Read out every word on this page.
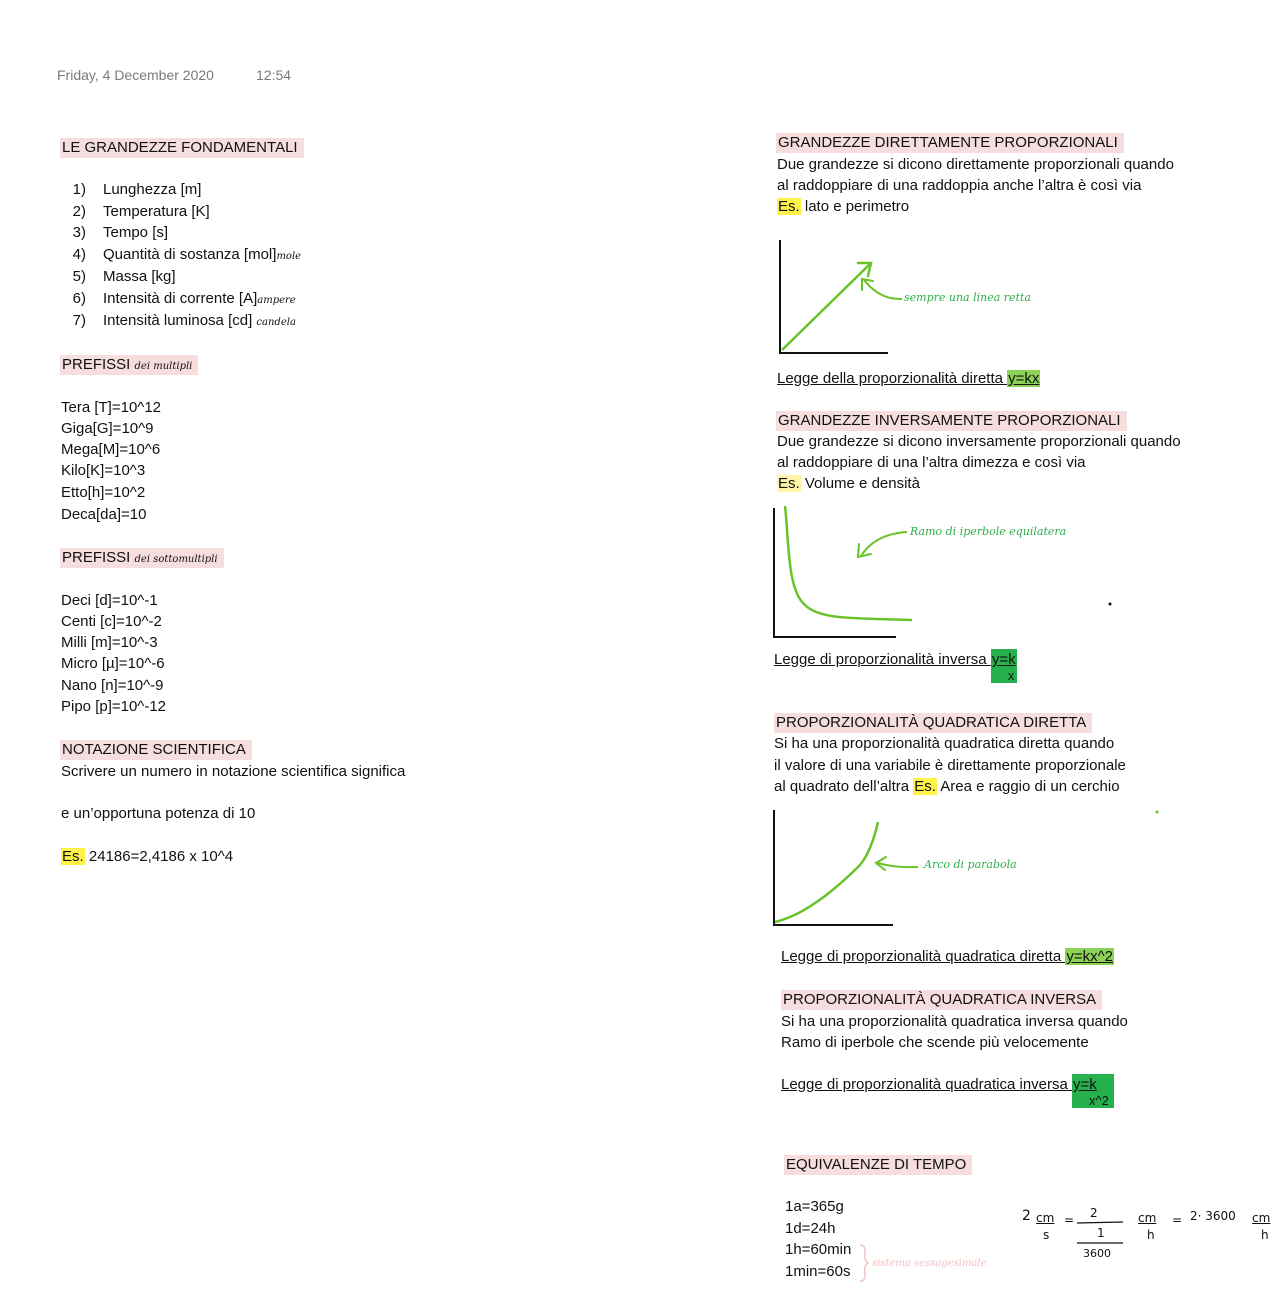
Friday, 4 December 2020	12:54
LE GRANDEZZE FONDAMENTALI
1) Lunghezza [m]
2) Temperatura [K]
3) Tempo [s]
4) Quantità di sostanza [mol]mole
5) Massa [kg]
6) Intensità di corrente [A]ampere
7) Intensità luminosa [cd] candela
PREFISSI dei multipli
Tera [T]=10^12
Giga[G]=10^9
Mega[M]=10^6
Kilo[K]=10^3
Etto[h]=10^2
Deca[da]=10
PREFISSI dei sottomultipli
Deci [d]=10^-1
Centi [c]=10^-2
Milli [m]=10^-3
Micro [µ]=10^-6
Nano [n]=10^-9
Pipo [p]=10^-12
NOTAZIONE SCIENTIFICA
Scrivere un numero in notazione scientifica significa
e un’opportuna potenza di 10
Es. 24186=2,4186 x 10^4
GRANDEZZE DIRETTAMENTE PROPORZIONALI
Due grandezze si dicono direttamente proporzionali quando
al raddoppiare di una raddoppia anche l’altra è così via
Es. lato e perimetro
sempre una linea retta
Legge della proporzionalità diretta y=kx
GRANDEZZE INVERSAMENTE PROPORZIONALI
Due grandezze si dicono inversamente proporzionali quando
al raddoppiare di una l’altra dimezza e così via
Es. Volume e densità
Ramo di iperbole equilatera
Legge di proporzionalità inversa $\frac{y=k}{x}$
PROPORZIONALITÀ QUADRATICA DIRETTA
Si ha una proporzionalità quadratica diretta quando
il valore di una variabile è direttamente proporzionale
al quadrato dell’altra Es. Area e raggio di un cerchio
Arco di parabola
Legge di proporzionalità quadratica diretta y=kx^2
PROPORZIONALITÀ QUADRATICA INVERSA
Si ha una proporzionalità quadratica inversa quando
Ramo di iperbole che scende più velocemente
Legge di proporzionalità quadratica inversa y=k
x^2
EQUIVALENZE DI TEMPO
1a=365g
1d=24h
1h=60min
1min=60s sistema sessagesimale
2 cm
s
= 2
1
3600
cm
h
= 2· 3600 cm
h
